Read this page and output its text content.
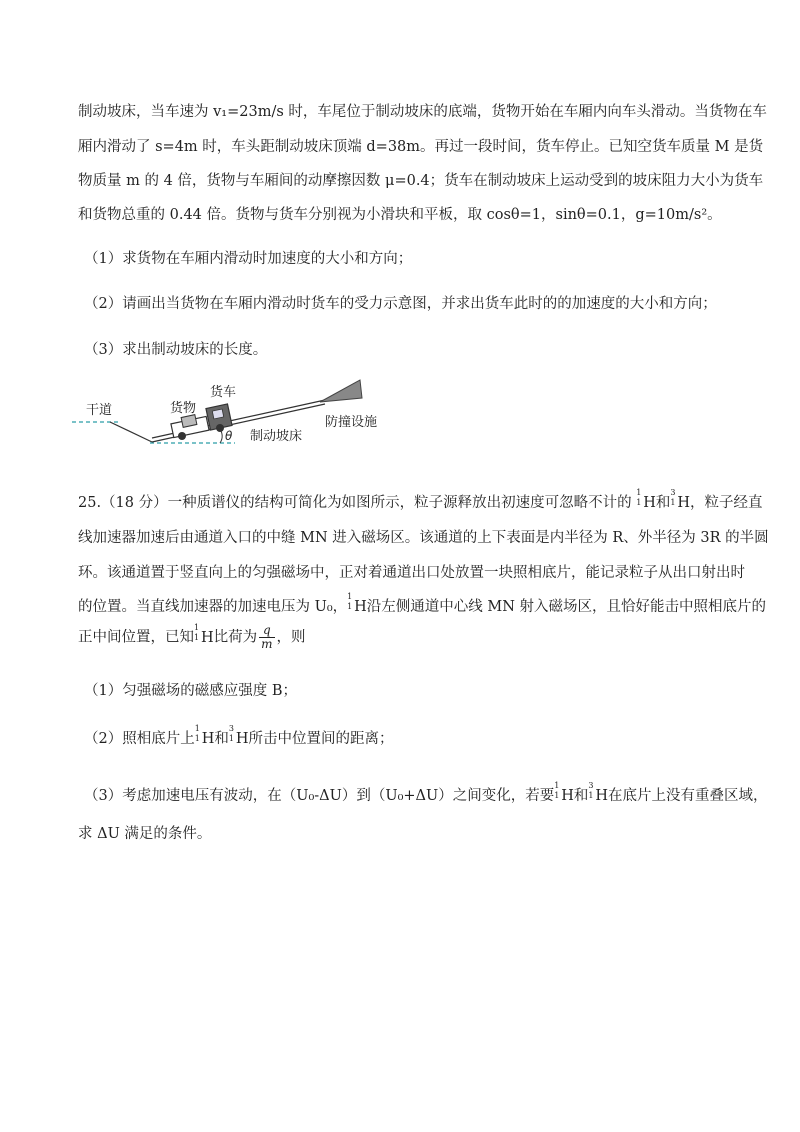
制动坡床，当车速为 v₁=23m/s 时，车尾位于制动坡床的底端，货物开始在车厢内向车头滑动。当货物在车
厢内滑动了 s=4m 时，车头距制动坡床顶端 d=38m。再过一段时间，货车停止。已知空货车质量 M 是货
物质量 m 的 4 倍，货物与车厢间的动摩擦因数 μ=0.4；货车在制动坡床上运动受到的坡床阻力大小为货车
和货物总重的 0.44 倍。货物与货车分别视为小滑块和平板，取 cosθ=1，sinθ=0.1，g=10m/s²。
（1）求货物在车厢内滑动时加速度的大小和方向；
（2）请画出当货物在车厢内滑动时货车的受力示意图，并求出货车此时的的加速度的大小和方向；
（3）求出制动坡床的长度。
干道	货物
货车
θ 制动坡床
防撞设施
25.（18 分）一种质谱仪的结构可简化为如图所示，粒子源释放出初速度可忽略不计的
1
1 H和
3
1 H，粒子经直
线加速器加速后由通道入口的中缝 MN 进入磁场区。该通道的上下表面是内半径为 R、外半径为 3R 的半圆
环。该通道置于竖直向上的匀强磁场中，正对着通道出口处放置一块照相底片，能记录粒子从出口射出时
的位置。当直线加速器的加速电压为 U₀，
1
1 H沿左侧通道中心线 MN 射入磁场区，且恰好能击中照相底片的
正中间位置，已知
1
1 H比荷为 $\frac{q}{m}$ ，则
（1）匀强磁场的磁感应强度 B；
（2）照相底片上
1
1 H和
3
1 H所击中位置间的距离；
（3）考虑加速电压有波动，在（U₀-ΔU）到（U₀+ΔU）之间变化，若要
1
1 H和
3
1 H在底片上没有重叠区域，
求 ΔU 满足的条件。
